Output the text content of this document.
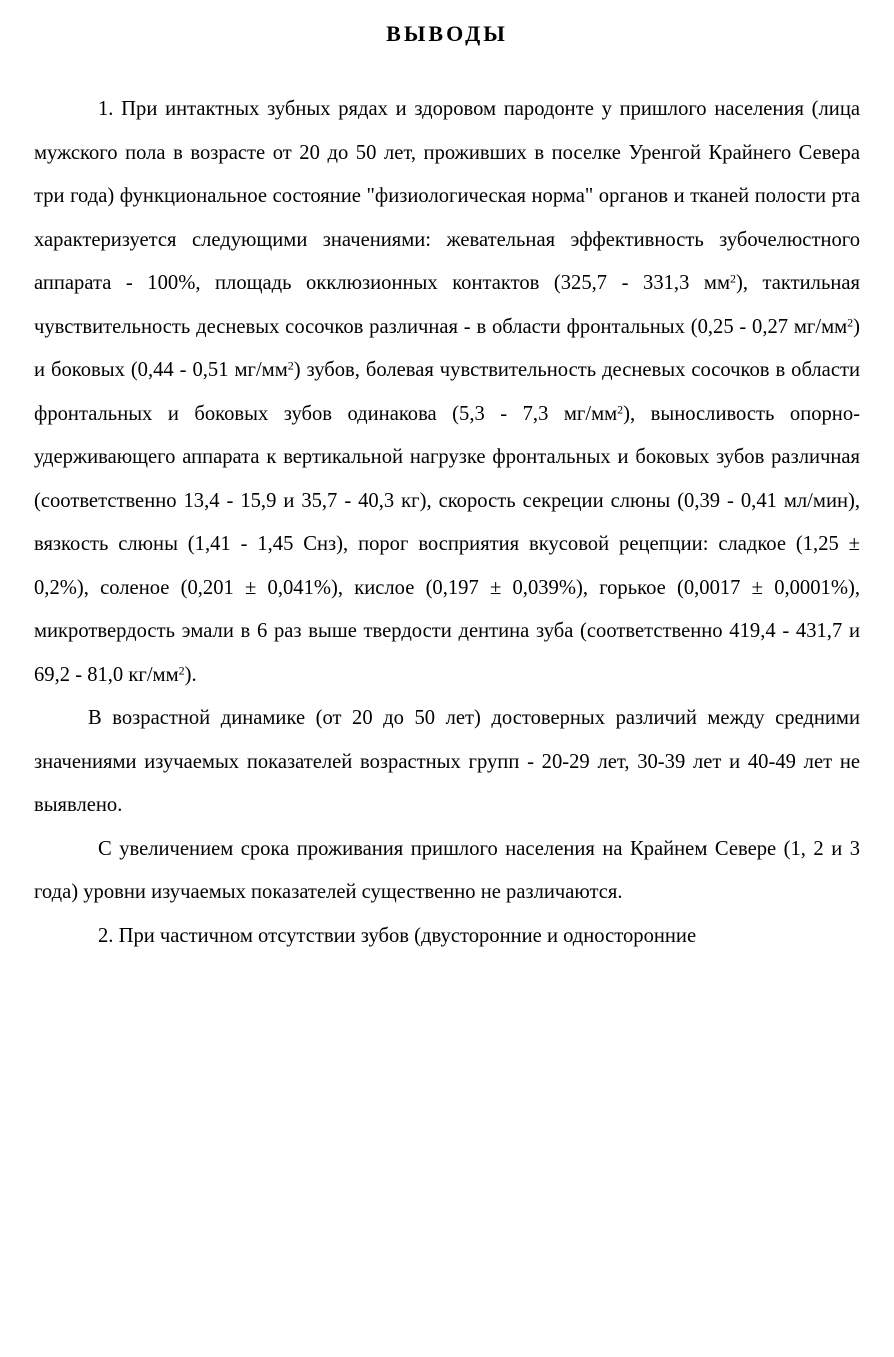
ВЫВОДЫ

1. При интактных зубных рядах и здоровом пародонте у пришлого населения (лица мужского пола в возрасте от 20 до 50 лет, проживших в поселке Уренгой Крайнего Севера три года) функциональное состояние "физиологическая норма" органов и тканей полости рта характеризуется следующими значениями: жевательная эффективность зубочелюстного аппарата - 100%, площадь окклюзионных контактов (325,7 - 331,3 $мм^2$), тактильная чувствительность десневых сосочков различная - в области фронтальных (0,25 - 0,27 $мг/мм^2$) и боковых (0,44 - 0,51 $мг/мм^2$) зубов, болевая чувствительность десневых сосочков в области фронтальных и боковых зубов одинакова (5,3 - 7,3 $мг/мм^2$), выносливость опорно-удерживающего аппарата к вертикальной нагрузке фронтальных и боковых зубов различная (соответственно 13,4 - 15,9 и 35,7 - 40,3 кг), скорость секреции слюны (0,39 - 0,41 мл/мин), вязкость слюны (1,41 - 1,45 Снз), порог восприятия вкусовой рецепции: сладкое (1,25 ± 0,2%), соленое (0,201 ± 0,041%), кислое (0,197 ± 0,039%), горькое (0,0017 ± 0,0001%), микротвердость эмали в 6 раз выше твердости дентина зуба (соответственно 419,4 - 431,7 и 69,2 - 81,0 $кг/мм^2$).

В возрастной динамике (от 20 до 50 лет) достоверных различий между средними значениями изучаемых показателей возрастных групп - 20-29 лет, 30-39 лет и 40-49 лет не выявлено.

С увеличением срока проживания пришлого населения на Крайнем Севере (1, 2 и 3 года) уровни изучаемых показателей существенно не различаются.

2. При частичном отсутствии зубов (двусторонние и односторонние
